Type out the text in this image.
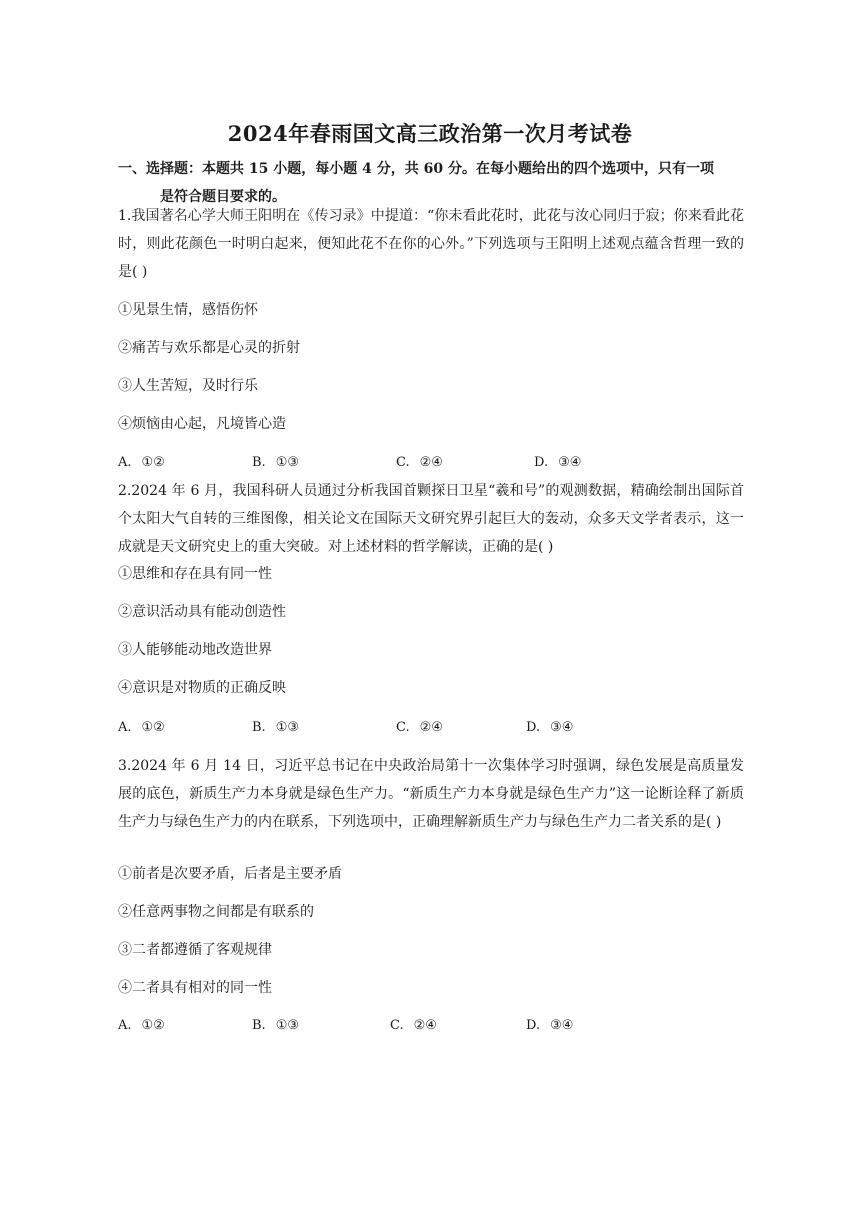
2024年春雨国文高三政治第一次月考试卷
一、选择题：本题共 15 小题，每小题 4 分，共 60 分。在每小题给出的四个选项中，只有一项
是符合题目要求的。
1.我国著名心学大师王阳明在《传习录》中提道：“你未看此花时，此花与汝心同归于寂；你来看此花时，则此花颜色一时明白起来，便知此花不在你的心外。”下列选项与王阳明上述观点蕴含哲理一致的是( )
①见景生情，感悟伤怀
②痛苦与欢乐都是心灵的折射
③人生苦短，及时行乐
④烦恼由心起，凡境皆心造
A. ①②	B. ①③	C. ②④	D. ③④
2.2024 年 6 月，我国科研人员通过分析我国首颗探日卫星“羲和号”的观测数据，精确绘制出国际首个太阳大气自转的三维图像，相关论文在国际天文研究界引起巨大的轰动，众多天文学者表示，这一成就是天文研究史上的重大突破。对上述材料的哲学解读，正确的是( )
①思维和存在具有同一性
②意识活动具有能动创造性
③人能够能动地改造世界
④意识是对物质的正确反映
A. ①②	B. ①③	C. ②④	D. ③④
3.2024 年 6 月 14 日，习近平总书记在中央政治局第十一次集体学习时强调，绿色发展是高质量发展的底色，新质生产力本身就是绿色生产力。“新质生产力本身就是绿色生产力”这一论断诠释了新质生产力与绿色生产力的内在联系，下列选项中，正确理解新质生产力与绿色生产力二者关系的是( )
①前者是次要矛盾，后者是主要矛盾
②任意两事物之间都是有联系的
③二者都遵循了客观规律
④二者具有相对的同一性
A. ①②	B. ①③	C. ②④	D. ③④
